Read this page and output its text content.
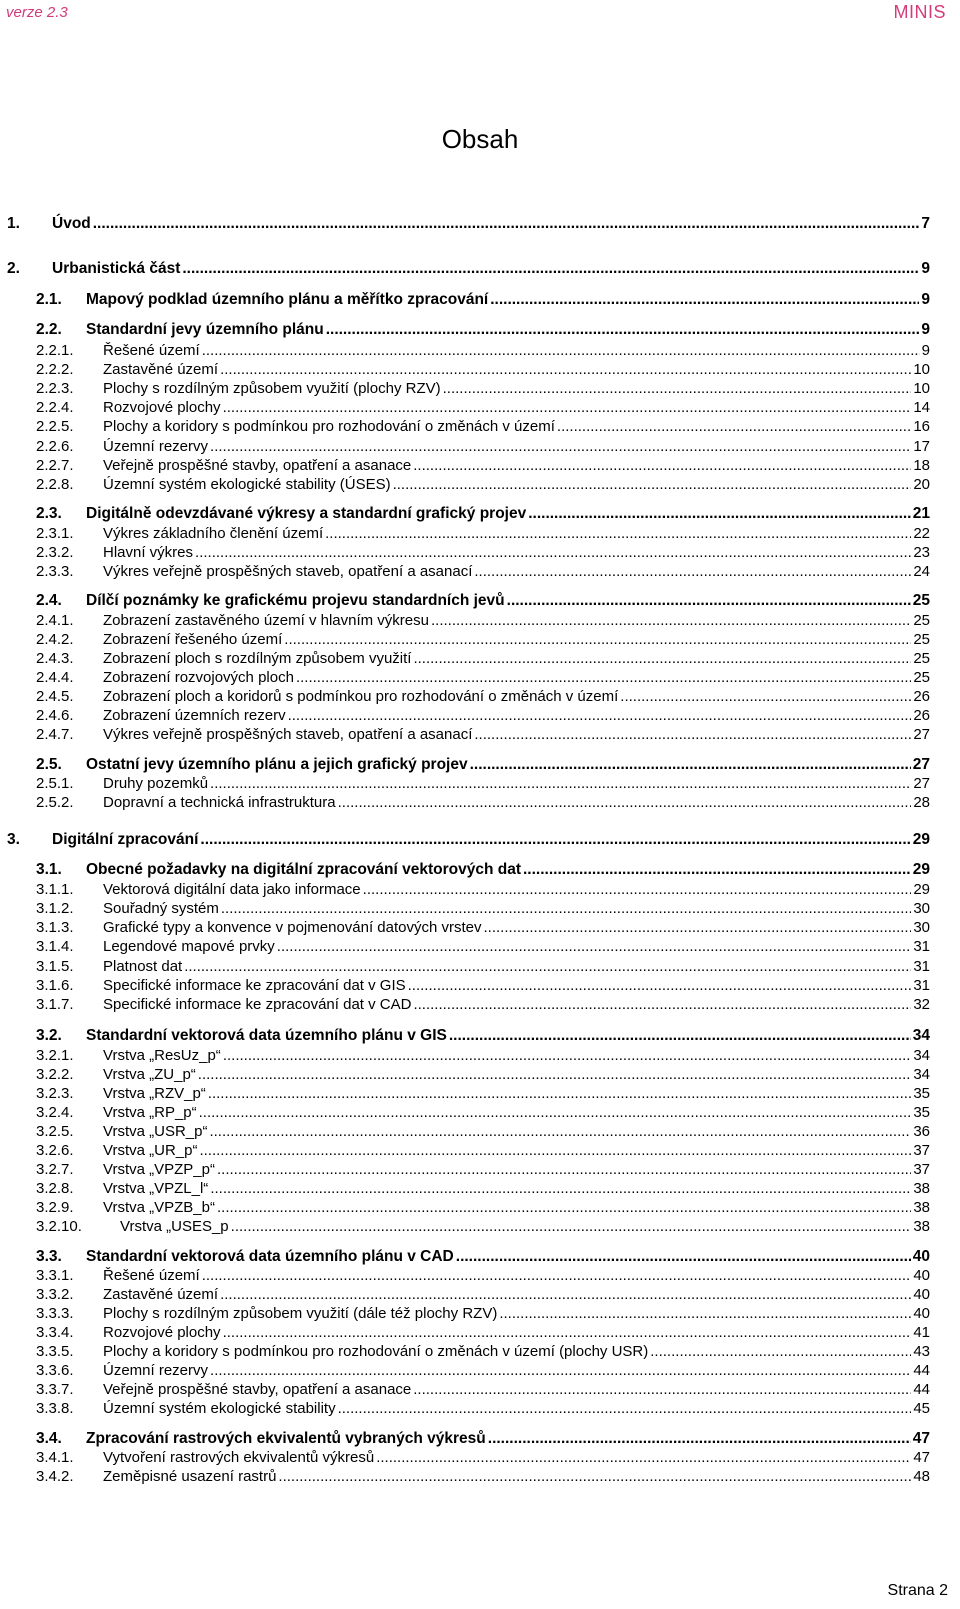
verze 2.3	MINIS
Obsah
1. Úvod .....	7
2. Urbanistická část .....	9
2.1. Mapový podklad územního plánu a měřítko zpracování .....	9
2.2. Standardní jevy územního plánu .....	9
2.2.1. Řešené území .....	9
2.2.2. Zastavěné území .....	10
2.2.3. Plochy s rozdílným způsobem využití (plochy RZV) .....	10
2.2.4. Rozvojové plochy .....	14
2.2.5. Plochy a koridory s podmínkou pro rozhodování o změnách v území .....	16
2.2.6. Územní rezervy .....	17
2.2.7. Veřejně prospěšné stavby, opatření a asanace .....	18
2.2.8. Územní systém ekologické stability (ÚSES) .....	20
2.3. Digitálně odevzdávané výkresy a standardní grafický projev .....	21
2.3.1. Výkres základního členění území .....	22
2.3.2. Hlavní výkres .....	23
2.3.3. Výkres veřejně prospěšných staveb, opatření a asanací .....	24
2.4. Dílčí poznámky ke grafickému projevu standardních jevů .....	25
2.4.1. Zobrazení zastavěného území v hlavním výkresu .....	25
2.4.2. Zobrazení řešeného území .....	25
2.4.3. Zobrazení ploch s rozdílným způsobem využití .....	25
2.4.4. Zobrazení rozvojových ploch .....	25
2.4.5. Zobrazení ploch a koridorů s podmínkou pro rozhodování o změnách v území .....	26
2.4.6. Zobrazení územních rezerv .....	26
2.4.7. Výkres veřejně prospěšných staveb, opatření a asanací .....	27
2.5. Ostatní jevy územního plánu a jejich grafický projev .....	27
2.5.1. Druhy pozemků .....	27
2.5.2. Dopravní a technická infrastruktura .....	28
3. Digitální zpracování .....	29
3.1. Obecné požadavky na digitální zpracování vektorových dat .....	29
3.1.1. Vektorová digitální data jako informace .....	29
3.1.2. Souřadný systém .....	30
3.1.3. Grafické typy a konvence v pojmenování datových vrstev .....	30
3.1.4. Legendové mapové prvky .....	31
3.1.5. Platnost dat .....	31
3.1.6. Specifické informace ke zpracování dat v GIS .....	31
3.1.7. Specifické informace ke zpracování dat v CAD .....	32
3.2. Standardní vektorová data územního plánu v GIS .....	34
3.2.1. Vrstva „ResUz_p“ .....	34
3.2.2. Vrstva „ZU_p“ .....	34
3.2.3. Vrstva „RZV_p“ .....	35
3.2.4. Vrstva „RP_p“ .....	35
3.2.5. Vrstva „USR_p“ .....	36
3.2.6. Vrstva „UR_p“ .....	37
3.2.7. Vrstva „VPZP_p“ .....	37
3.2.8. Vrstva „VPZL_l“ .....	38
3.2.9. Vrstva „VPZB_b“ .....	38
3.2.10.	Vrstva „USES_p .....	38
3.3. Standardní vektorová data územního plánu v CAD .....	40
3.3.1. Řešené území .....	40
3.3.2. Zastavěné území .....	40
3.3.3. Plochy s rozdílným způsobem využití (dále též plochy RZV) .....	40
3.3.4. Rozvojové plochy .....	41
3.3.5. Plochy a koridory s podmínkou pro rozhodování o změnách v území (plochy USR) .....	43
3.3.6. Územní rezervy .....	44
3.3.7. Veřejně prospěšné stavby, opatření a asanace .....	44
3.3.8. Územní systém ekologické stability .....	45
3.4. Zpracování rastrových ekvivalentů vybraných výkresů .....	47
3.4.1. Vytvoření rastrových ekvivalentů výkresů .....	47
3.4.2. Zeměpisné usazení rastrů .....	48
Strana 2
